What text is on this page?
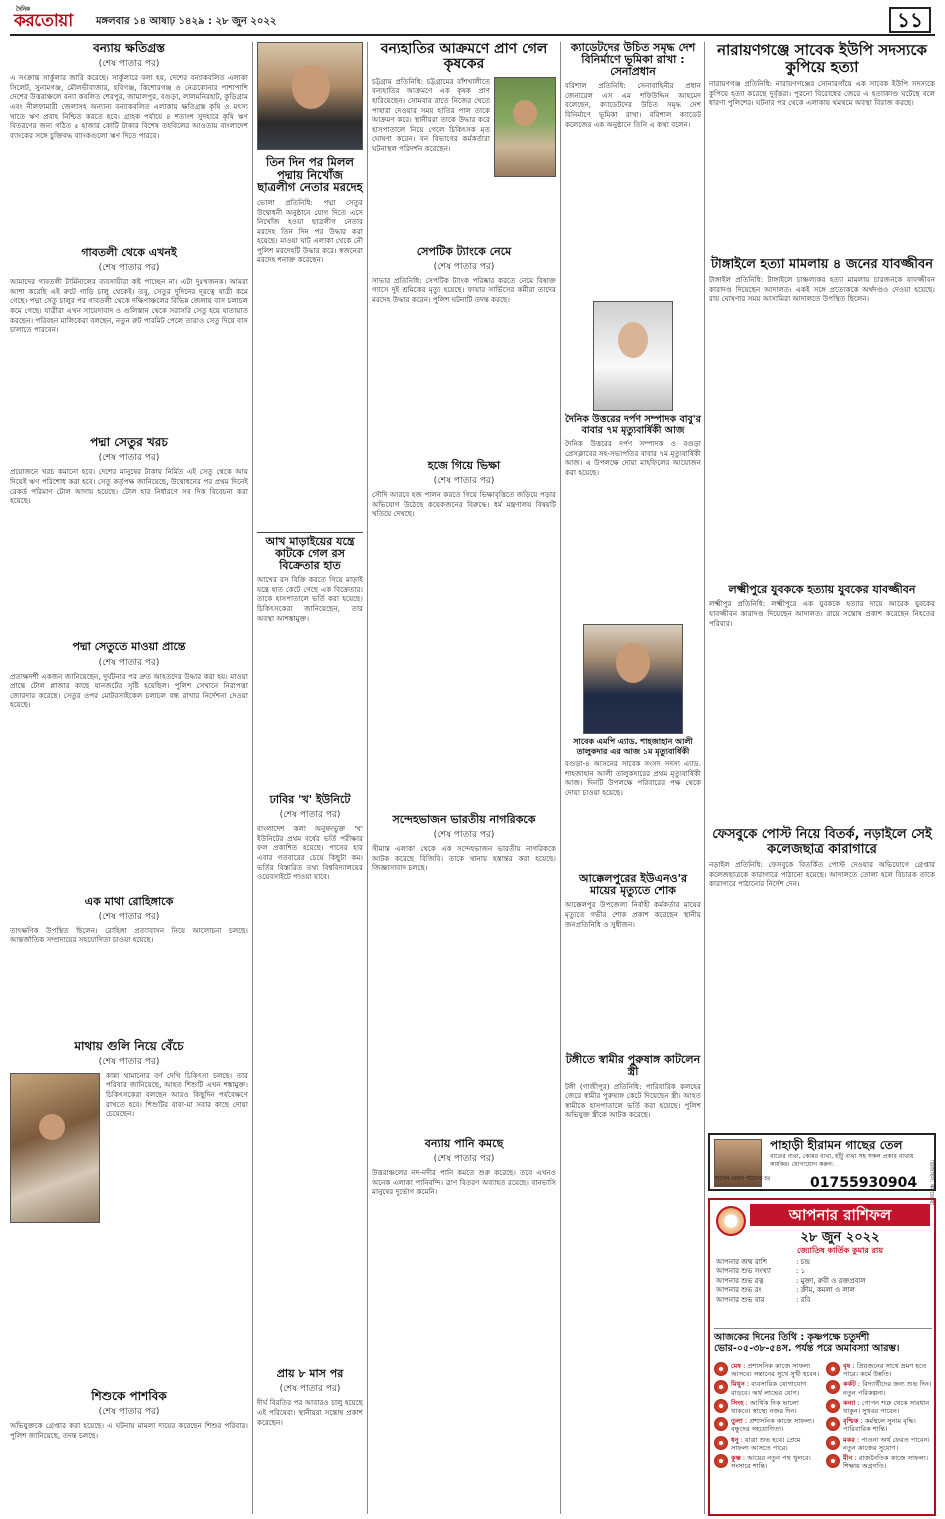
দৈনিক
করতোয়া মঙ্গলবার ১৪ আষাঢ় ১৪২৯ : ২৮ জুন ২০২২	১১
বন্যায় ক্ষতিগ্রস্ত
(শেষ পাতার পর)
এ সংক্রান্ত সার্কুলার জারি করেছে। সার্কুলারে বলা হয়, দেশের বন্যাকবলিত এলাকা সিলেট, সুনামগঞ্জ, মৌলভীবাজার, হবিগঞ্জ, কিশোরগঞ্জ ও নেত্রকোনার পাশাপাশি দেশের উত্তরাঞ্চলে বন্যা কবলিত শেরপুর, জামালপুর, বগুড়া, লালমনিরহাট, কুড়িগ্রাম এবং নীলফামারী জেলাসহ অন্যান্য বন্যাকবলিত এলাকায় ক্ষতিগ্রস্ত কৃষি ও মৎস্য খাতে ঋণ প্রবাহ নিশ্চিত করতে হবে। গ্রাহক পর্যায়ে ৪ শতাংশ সুদহারে কৃষি ঋণ বিতরণের জন্য গঠিত ৫ হাজার কোটি টাকার বিশেষ তহবিলের আওতায় বাংলাদেশ ব্যাংকের সঙ্গে চুক্তিবদ্ধ ব্যাংকগুলো ঋণ দিতে পারবে।
গাবতলী থেকে এখনই
(শেষ পাতার পর)
আমাদের গাবতলী টার্মিনালের ব্যবসায়ীরা কষ্ট পাচ্ছেন না। এটা দুঃখজনক। আমরা আশা করেছি এই রুটে গাড়ি চালু থেকেই। তবু, সেতুর দুদিনের দূরত্বে যাত্রী কমে গেছে। পদ্মা সেতু চালুর পর গাবতলী থেকে দক্ষিণাঞ্চলের বিভিন্ন জেলায় বাস চলাচল কমে গেছে। যাত্রীরা এখন সায়েদাবাদ ও গুলিস্তান থেকে সরাসরি সেতু হয়ে যাতায়াত করছেন। পরিবহন মালিকেরা বলছেন, নতুন রুট পারমিট পেলে তারাও সেতু দিয়ে বাস চালাতে পারবেন।
পদ্মা সেতুর খরচ
(শেষ পাতার পর)
প্রয়োজনে খরচ কমানো হবে। দেশের মানুষের টাকায় নির্মিত এই সেতু থেকে আয় দিয়েই ঋণ পরিশোধ করা হবে। সেতু কর্তৃপক্ষ জানিয়েছে, উদ্বোধনের পর প্রথম দিনেই রেকর্ড পরিমাণ টোল আদায় হয়েছে। টোল হার নির্ধারণে সব দিক বিবেচনা করা হয়েছে।
পদ্মা সেতুতে মাওয়া প্রান্তে
(শেষ পাতার পর)
প্রত্যক্ষদর্শী একজন জানিয়েছেন, দুর্ঘটনার পর দ্রুত আহতদের উদ্ধার করা হয়। মাওয়া প্রান্তে টোল প্লাজার কাছে যানজটের সৃষ্টি হয়েছিল। পুলিশ সেখানে নিরাপত্তা জোরদার করেছে। সেতুর ওপর মোটরসাইকেল চলাচল বন্ধ রাখার নির্দেশনা দেওয়া হয়েছে।
এক মাথা রোহিঙ্গাকে
(শেষ পাতার পর)
তাৎক্ষণিক উপস্থিত ছিলেন। রোহিঙ্গা প্রত্যাবাসন নিয়ে আলোচনা চলছে। আন্তর্জাতিক সম্প্রদায়ের সহযোগিতা চাওয়া হয়েছে।
মাথায় গুলি নিয়ে বেঁচে
(শেষ পাতার পর)
কান্না থামানোর বর্ণ দেখি চিকিৎসা চলছে। তার পরিবার জানিয়েছে, আহত শিশুটি এখন শঙ্কামুক্ত। চিকিৎসকেরা বলছেন আরও কিছুদিন পর্যবেক্ষণে রাখতে হবে। শিশুটির বাবা-মা সবার কাছে দোয়া চেয়েছেন।
শিশুকে পাশবিক
(শেষ পাতার পর)
অভিযুক্তকে গ্রেপ্তার করা হয়েছে। এ ঘটনায় মামলা দায়ের করেছেন শিশুর পরিবার। পুলিশ জানিয়েছে, তদন্ত চলছে।
তিন দিন পর মিলল পদ্মায় নিখোঁজ ছাত্রলীগ নেতার মরদেহ
ভোলা প্রতিনিধি: পদ্মা সেতুর উদ্বোধনী অনুষ্ঠানে যোগ দিতে এসে নিখোঁজ হওয়া ছাত্রলীগ নেতার মরদেহ তিন দিন পর উদ্ধার করা হয়েছে। মাওয়া ঘাট এলাকা থেকে নৌ পুলিশ মরদেহটি উদ্ধার করে। স্বজনেরা মরদেহ শনাক্ত করেছেন।
আখ মাড়াইয়ের যন্ত্রে কাটকে গেল রস বিক্রেতার হাত
আখের রস বিক্রি করতে গিয়ে মাড়াই যন্ত্রে হাত কেটে গেছে এক বিক্রেতার। তাকে হাসপাতালে ভর্তি করা হয়েছে। চিকিৎসকেরা জানিয়েছেন, তার অবস্থা আশঙ্কামুক্ত।
ঢাবির 'খ' ইউনিটে
(শেষ পাতার পর)
বাংলাদেশ কলা অনুষদভুক্ত 'খ' ইউনিটের প্রথম বর্ষের ভর্তি পরীক্ষার ফল প্রকাশিত হয়েছে। পাসের হার এবার গতবারের চেয়ে কিছুটা কম। ভর্তির বিস্তারিত তথ্য বিশ্ববিদ্যালয়ের ওয়েবসাইটে পাওয়া যাবে।
প্রায় ৮ মাস পর
(শেষ পাতার পর)
দীর্ঘ বিরতির পর আবারও চালু হয়েছে এই পরিষেবা। স্থানীয়রা সন্তোষ প্রকাশ করেছেন।
বন্যহাতির আক্রমণে প্রাণ গেল কৃষকের
চট্টগ্রাম প্রতিনিধি: চট্টগ্রামের বাঁশখালীতে বন্যহাতির আক্রমণে এক কৃষক প্রাণ হারিয়েছেন। সোমবার রাতে নিজের খেতে পাহারা দেওয়ার সময় হাতির পাল তাকে আক্রমণ করে। স্থানীয়রা তাকে উদ্ধার করে হাসপাতালে নিয়ে গেলে চিকিৎসক মৃত ঘোষণা করেন। বন বিভাগের কর্মকর্তারা ঘটনাস্থল পরিদর্শন করেছেন।
সেপটিক ট্যাংকে নেমে
(শেষ পাতার পর)
সাভার প্রতিনিধি: সেপটিক ট্যাংক পরিষ্কার করতে নেমে বিষাক্ত গ্যাসে দুই শ্রমিকের মৃত্যু হয়েছে। ফায়ার সার্ভিসের কর্মীরা তাদের মরদেহ উদ্ধার করেন। পুলিশ ঘটনাটি তদন্ত করছে।
হজে গিয়ে ভিক্ষা
(শেষ পাতার পর)
সৌদি আরবে হজ পালন করতে গিয়ে ভিক্ষাবৃত্তিতে জড়িয়ে পড়ার অভিযোগ উঠেছে কয়েকজনের বিরুদ্ধে। ধর্ম মন্ত্রণালয় বিষয়টি খতিয়ে দেখছে।
সন্দেহভাজন ভারতীয় নাগরিককে
(শেষ পাতার পর)
সীমান্ত এলাকা থেকে এক সন্দেহভাজন ভারতীয় নাগরিককে আটক করেছে বিজিবি। তাকে থানায় হস্তান্তর করা হয়েছে। জিজ্ঞাসাবাদ চলছে।
বন্যায় পানি কমছে
(শেষ পাতার পর)
উত্তরাঞ্চলের নদ-নদীর পানি কমতে শুরু করেছে। তবে এখনও অনেক এলাকা পানিবন্দি। ত্রাণ বিতরণ অব্যাহত রয়েছে। বানভাসি মানুষের দুর্ভোগ কমেনি।
ক্যাডেটদের উচিত সমৃদ্ধ দেশ বিনির্মাণে ভূমিকা রাখা : সেনাপ্রধান
বরিশাল প্রতিনিধি: সেনাবাহিনীর প্রধান জেনারেল এস এম শফিউদ্দিন আহমেদ বলেছেন, ক্যাডেটদের উচিত সমৃদ্ধ দেশ বিনির্মাণে ভূমিকা রাখা। বরিশাল ক্যাডেট কলেজের এক অনুষ্ঠানে তিনি এ কথা বলেন।
দৈনিক উত্তরের দর্পণ সম্পাদক বাবু'র বাবার ৭ম মৃত্যুবার্ষিকী আজ
দৈনিক উত্তরের দর্পণ সম্পাদক ও বগুড়া প্রেসক্লাবের সহ-সভাপতির বাবার ৭ম মৃত্যুবার্ষিকী আজ। এ উপলক্ষে দোয়া মাহফিলের আয়োজন করা হয়েছে।
সাবেক এমপি এ্যাড. শাহজাহান আলী তালুকদার এর আজ ১ম মৃত্যুবার্ষিকী
বগুড়া-৪ আসনের সাবেক সংসদ সদস্য এ্যাড. শাহজাহান আলী তালুকদারের প্রথম মৃত্যুবার্ষিকী আজ। দিনটি উপলক্ষে পরিবারের পক্ষ থেকে দোয়া চাওয়া হয়েছে।
আক্কেলপুরের ইউএনও'র মায়ের মৃত্যুতে শোক
আক্কেলপুর উপজেলা নির্বাহী কর্মকর্তার মায়ের মৃত্যুতে গভীর শোক প্রকাশ করেছেন স্থানীয় জনপ্রতিনিধি ও সুধীজন।
টঙ্গীতে স্বামীর পুরুষাঙ্গ কাটলেন স্ত্রী
টঙ্গী (গাজীপুর) প্রতিনিধি: পারিবারিক কলহের জেরে স্বামীর পুরুষাঙ্গ কেটে দিয়েছেন স্ত্রী। আহত স্বামীকে হাসপাতালে ভর্তি করা হয়েছে। পুলিশ অভিযুক্ত স্ত্রীকে আটক করেছে।
নারায়ণগঞ্জে সাবেক ইউপি সদস্যকে কুপিয়ে হত্যা
নারায়ণগঞ্জ প্রতিনিধি: নারায়ণগঞ্জের সোনারগাঁয়ে এক সাবেক ইউপি সদস্যকে কুপিয়ে হত্যা করেছে দুর্বৃত্তরা। পুরনো বিরোধের জেরে এ হত্যাকাণ্ড ঘটেছে বলে ধারণা পুলিশের। ঘটনার পর থেকে এলাকায় থমথমে অবস্থা বিরাজ করছে।
টাঙ্গাইলে হত্যা মামলায় ৪ জনের যাবজ্জীবন
টাঙ্গাইল প্রতিনিধি: টাঙ্গাইলে চাঞ্চল্যকর হত্যা মামলায় চারজনকে যাবজ্জীবন কারাদণ্ড দিয়েছেন আদালত। একই সঙ্গে প্রত্যেককে অর্থদণ্ডও দেওয়া হয়েছে। রায় ঘোষণার সময় আসামিরা আদালতে উপস্থিত ছিলেন।
লক্ষ্মীপুরে যুবককে হত্যায় যুবকের যাবজ্জীবন
লক্ষ্মীপুর প্রতিনিধি: লক্ষ্মীপুরে এক যুবককে হত্যার দায়ে আরেক যুবকের যাবজ্জীবন কারাদণ্ড দিয়েছেন আদালত। রায়ে সন্তোষ প্রকাশ করেছেন নিহতের পরিবার।
ফেসবুকে পোস্ট নিয়ে বিতর্ক, নড়াইলে সেই কলেজছাত্র কারাগারে
নড়াইল প্রতিনিধি: ফেসবুকে বিতর্কিত পোস্ট দেওয়ার অভিযোগে গ্রেপ্তার কলেজছাত্রকে কারাগারে পাঠানো হয়েছে। আদালতে তোলা হলে বিচারক তাকে কারাগারে পাঠানোর নির্দেশ দেন।
পার্সেল যোগে পাঠানো হয়
পাহাড়ী হীরামন গাছের তেল
বাতের ব্যথা, কোমর ব্যথা, হাঁটু ব্যথা সহ সকল প্রকার ব্যথায় কার্যকর। যোগাযোগ করুন:
01755930904
আপনার রাশিফল
২৮ জুন ২০২২
জ্যোতিষ কার্তিক কুমার রায়
আপনার জন্ম রাশি	: চন্দ্র
আপনার শুভ সংখ্যা	: ১
আপনার শুভ রত্ন	: মুক্তা, রুবী ও রক্তপ্রবাল
আপনার শুভ রং	: ক্রীম, কমলা ও লাল
আপনার শুভ বার	: রবি
আজকের দিনের তিথি : কৃষ্ণপক্ষে চতুর্দশী ভোর-০৫-৩৮-৫৪স. পর্যন্ত পরে অমাবস্যা আরম্ভ।
মেষ : প্রশাসনিক কাজে সাফল্য আসবে। সন্তানের সুখে সুখী হবেন।
বৃষ : প্রিয়জনের সাথে ভ্রমণ হতে পারে। কর্মে উন্নতি।
মিথুন : ব্যবসায়িক যোগাযোগ বাড়বে। অর্থ লাভের যোগ।
কর্কট : বিদ্যার্থীদের জন্য শুভ দিন। নতুন পরিকল্পনা।
সিংহ : আর্থিক দিক ভালো থাকবে। স্বাস্থ্যে নজর দিন।
কন্যা : গোপন শত্রু থেকে সাবধান থাকুন। সুখবর পাবেন।
তুলা : প্রশাসনিক কাজে সাফল্য। বন্ধুদের সহযোগিতা।
বৃশ্চিক : কর্মস্থলে সুনাম বৃদ্ধি। পারিবারিক শান্তি।
ধনু : যাত্রা শুভ হবে। প্রেমে সাফল্য আসতে পারে।
মকর : পাওনা অর্থ ফেরত পাবেন। নতুন কাজের সুযোগ।
কুম্ভ : আয়ের নতুন পথ খুলবে। সংসারে শান্তি।
মীন : রাজনৈতিক কাজে সাফল্য। শিক্ষায় অগ্রগতি।
ডিজাইন: করতোয়া
